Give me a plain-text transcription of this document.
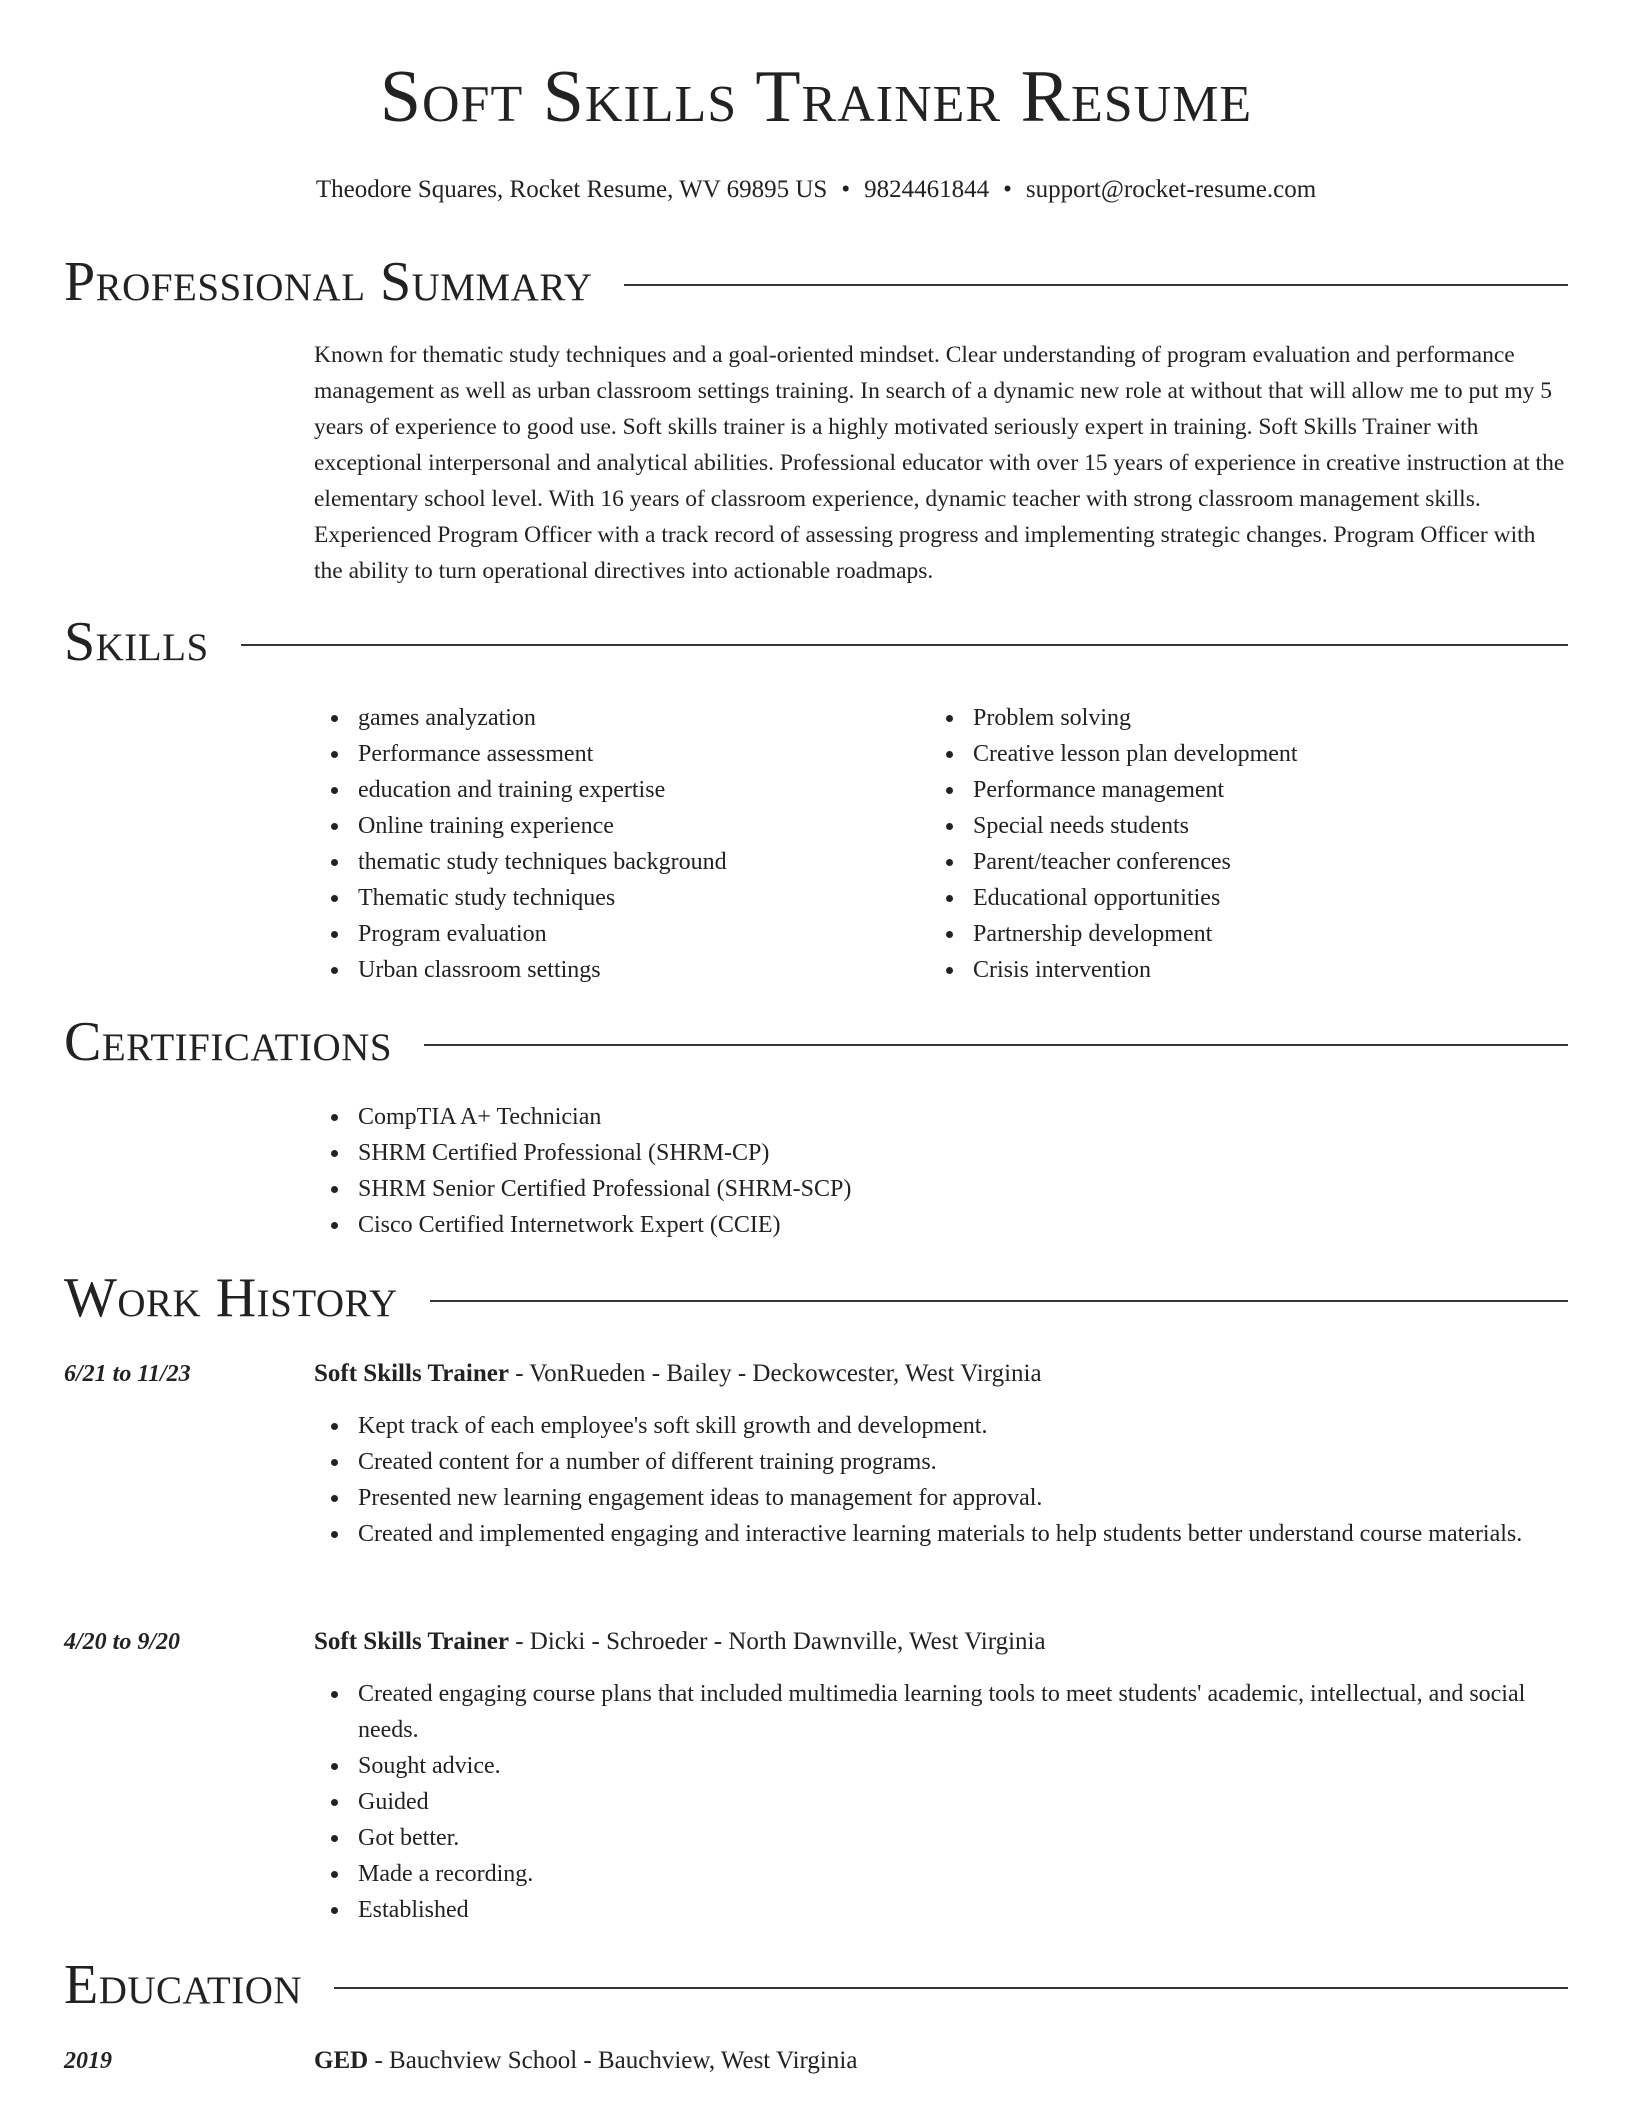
Soft Skills Trainer Resume
Theodore Squares, Rocket Resume, WV 69895 US • 9824461844 • support@rocket-resume.com
Professional Summary

Known for thematic study techniques and a goal-oriented mindset. Clear understanding of program evaluation and performance management as well as urban classroom settings training. In search of a dynamic new role at without that will allow me to put my 5 years of experience to good use. Soft skills trainer is a highly motivated seriously expert in training. Soft Skills Trainer with exceptional interpersonal and analytical abilities. Professional educator with over 15 years of experience in creative instruction at the elementary school level. With 16 years of classroom experience, dynamic teacher with strong classroom management skills. Experienced Program Officer with a track record of assessing progress and implementing strategic changes. Program Officer with the ability to turn operational directives into actionable roadmaps.

Skills
games analyzation
Performance assessment
education and training expertise
Online training experience
thematic study techniques background
Thematic study techniques
Program evaluation
Urban classroom settings
Problem solving
Creative lesson plan development
Performance management
Special needs students
Parent/teacher conferences
Educational opportunities
Partnership development
Crisis intervention
Certifications
CompTIA A+ Technician
SHRM Certified Professional (SHRM-CP)
SHRM Senior Certified Professional (SHRM-SCP)
Cisco Certified Internetwork Expert (CCIE)
Work History
6/21 to 11/23	Soft Skills Trainer - VonRueden - Bailey - Deckowcester, West Virginia
Kept track of each employee's soft skill growth and development.
Created content for a number of different training programs.
Presented new learning engagement ideas to management for approval.
Created and implemented engaging and interactive learning materials to help students better understand course materials.
4/20 to 9/20	Soft Skills Trainer - Dicki - Schroeder - North Dawnville, West Virginia
Created engaging course plans that included multimedia learning tools to meet students' academic, intellectual, and social needs.
Sought advice.
Guided
Got better.
Made a recording.
Established
Education
2019	GED - Bauchview School - Bauchview, West Virginia
